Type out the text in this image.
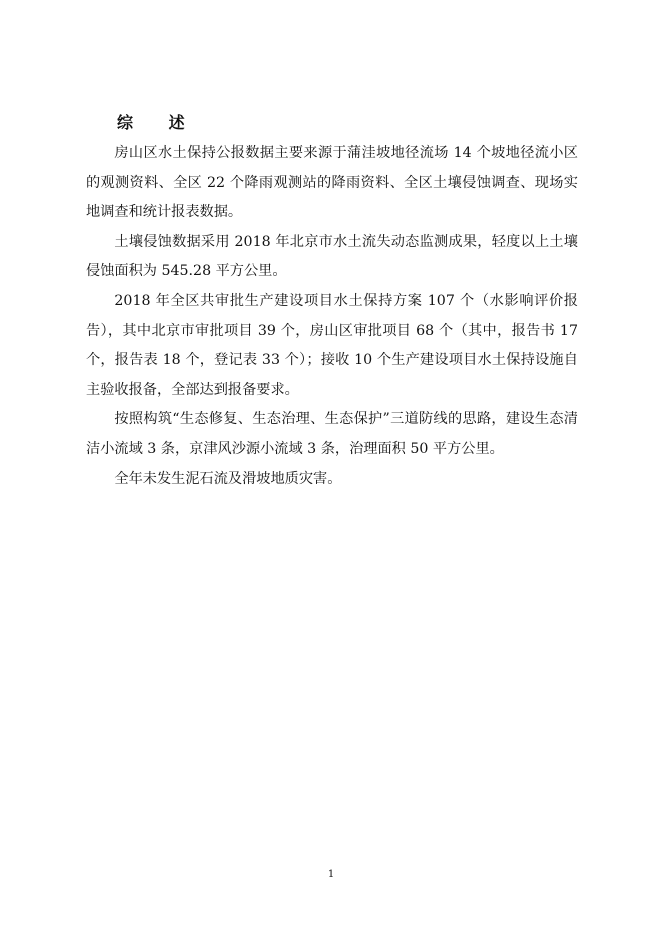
综 述

房山区水土保持公报数据主要来源于蒲洼坡地径流场 14 个坡地径流小区的观测资料、全区 22 个降雨观测站的降雨资料、全区土壤侵蚀调查、现场实地调查和统计报表数据。

土壤侵蚀数据采用 2018 年北京市水土流失动态监测成果，轻度以上土壤侵蚀面积为 545.28 平方公里。

2018 年全区共审批生产建设项目水土保持方案 107 个（水影响评价报告），其中北京市审批项目 39 个，房山区审批项目 68 个（其中，报告书 17 个，报告表 18 个，登记表 33 个）；接收 10 个生产建设项目水土保持设施自主验收报备，全部达到报备要求。

按照构筑“生态修复、生态治理、生态保护”三道防线的思路，建设生态清洁小流域 3 条，京津风沙源小流域 3 条，治理面积 50 平方公里。

全年未发生泥石流及滑坡地质灾害。

1
